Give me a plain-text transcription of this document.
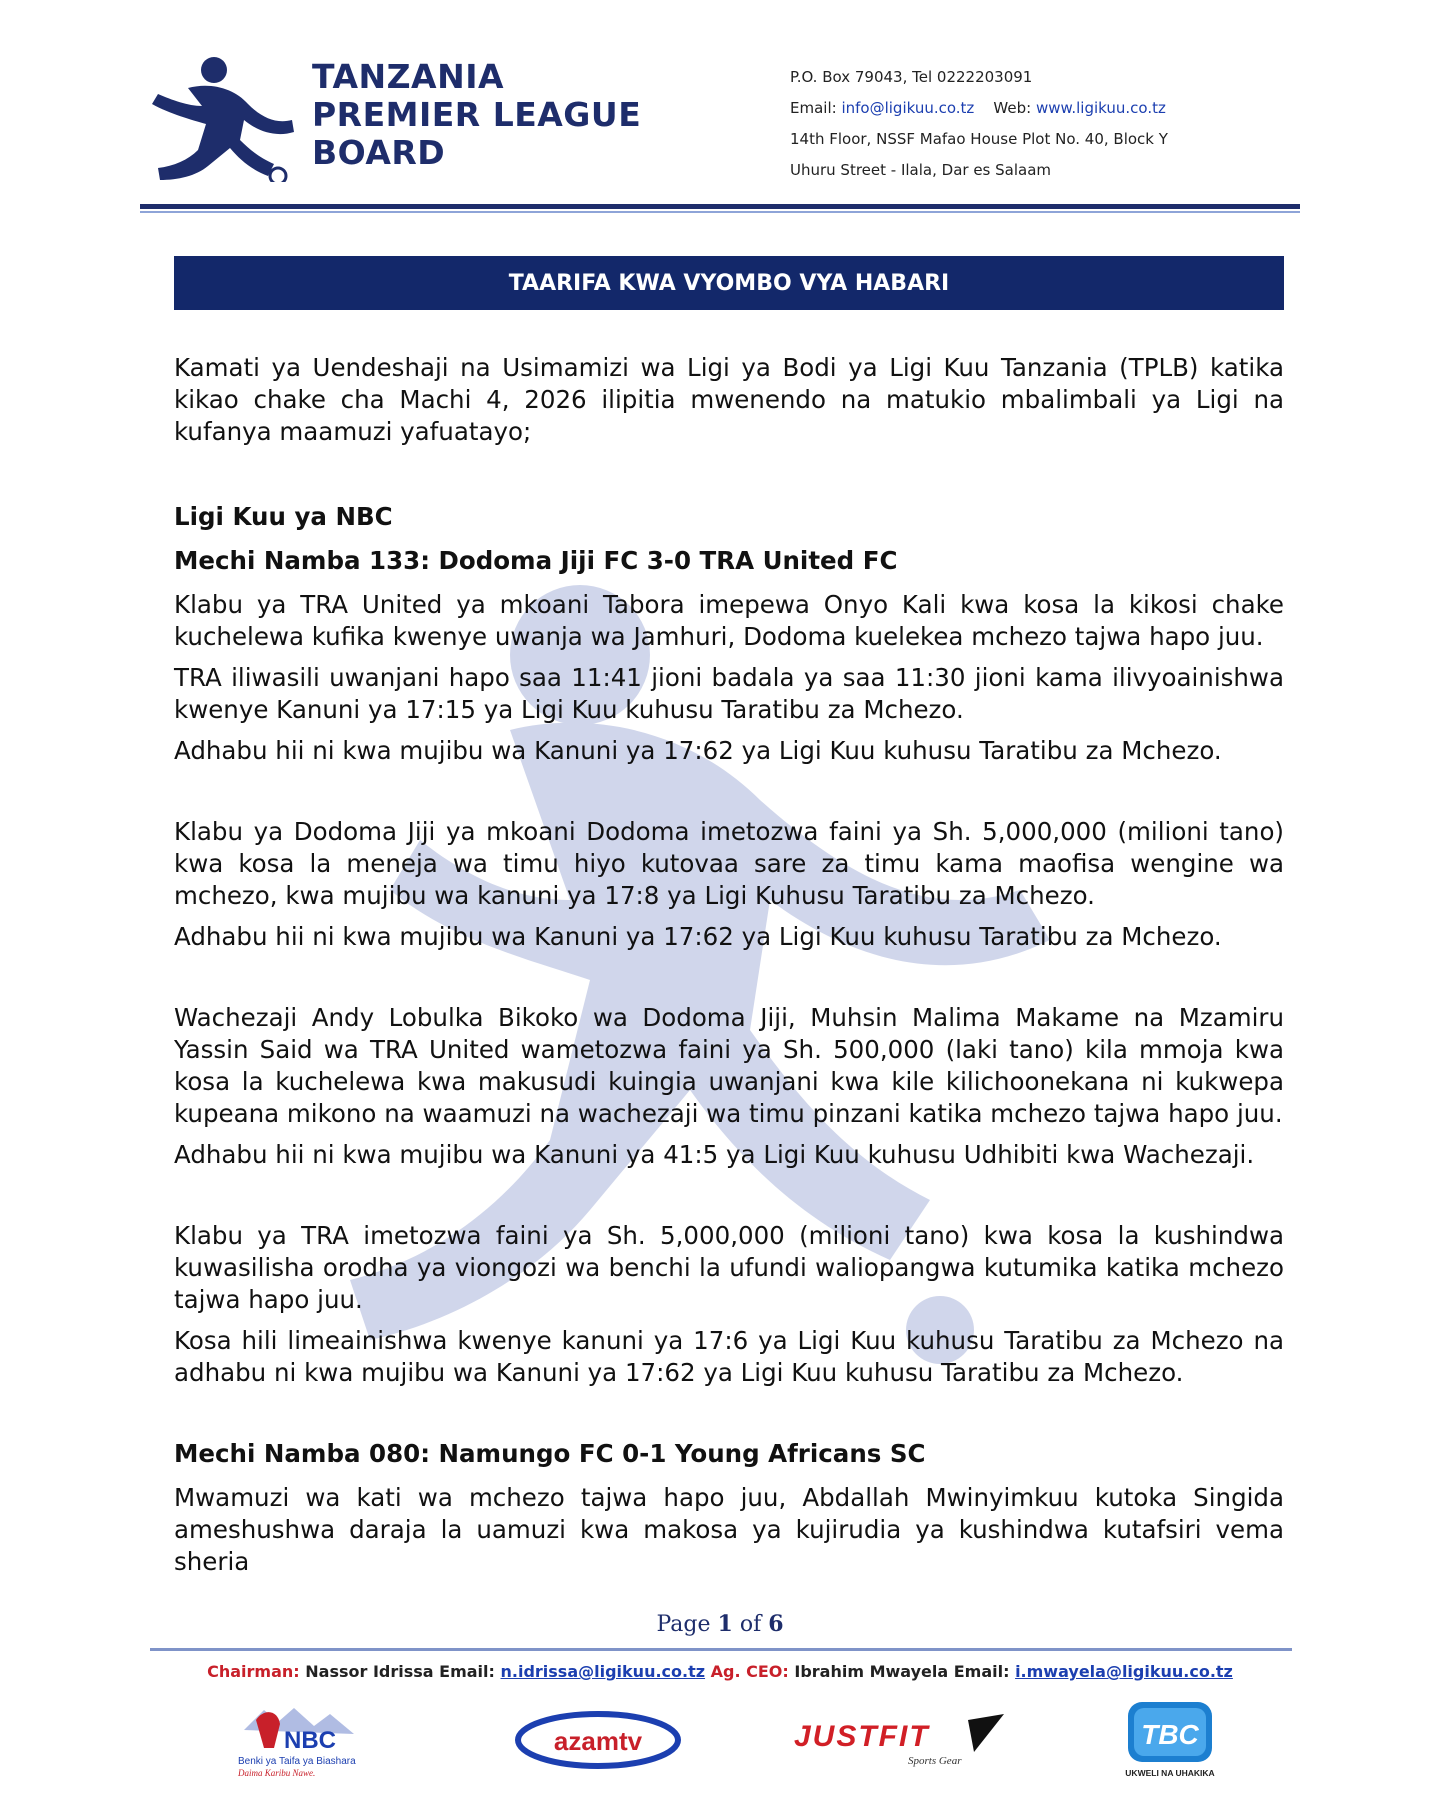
TANZANIA
PREMIER LEAGUE
BOARD
P.O. Box 79043, Tel 0222203091
Email: info@ligikuu.co.tz Web: www.ligikuu.co.tz
14th Floor, NSSF Mafao House Plot No. 40, Block Y
Uhuru Street - Ilala, Dar es Salaam
TAARIFA KWA VYOMBO VYA HABARI

Kamati ya Uendeshaji na Usimamizi wa Ligi ya Bodi ya Ligi Kuu Tanzania (TPLB) katika kikao chake cha Machi 4, 2026 ilipitia mwenendo na matukio mbalimbali ya Ligi na kufanya maamuzi yafuatayo;

Ligi Kuu ya NBC
Mechi Namba 133: Dodoma Jiji FC 3-0 TRA United FC

Klabu ya TRA United ya mkoani Tabora imepewa Onyo Kali kwa kosa la kikosi chake kuchelewa kufika kwenye uwanja wa Jamhuri, Dodoma kuelekea mchezo tajwa hapo juu.

TRA iliwasili uwanjani hapo saa 11:41 jioni badala ya saa 11:30 jioni kama ilivyoainishwa kwenye Kanuni ya 17:15 ya Ligi Kuu kuhusu Taratibu za Mchezo.

Adhabu hii ni kwa mujibu wa Kanuni ya 17:62 ya Ligi Kuu kuhusu Taratibu za Mchezo.

Klabu ya Dodoma Jiji ya mkoani Dodoma imetozwa faini ya Sh. 5,000,000 (milioni tano) kwa kosa la meneja wa timu hiyo kutovaa sare za timu kama maofisa wengine wa mchezo, kwa mujibu wa kanuni ya 17:8 ya Ligi Kuhusu Taratibu za Mchezo.

Adhabu hii ni kwa mujibu wa Kanuni ya 17:62 ya Ligi Kuu kuhusu Taratibu za Mchezo.

Wachezaji Andy Lobulka Bikoko wa Dodoma Jiji, Muhsin Malima Makame na Mzamiru Yassin Said wa TRA United wametozwa faini ya Sh. 500,000 (laki tano) kila mmoja kwa kosa la kuchelewa kwa makusudi kuingia uwanjani kwa kile kilichoonekana ni kukwepa kupeana mikono na waamuzi na wachezaji wa timu pinzani katika mchezo tajwa hapo juu.

Adhabu hii ni kwa mujibu wa Kanuni ya 41:5 ya Ligi Kuu kuhusu Udhibiti kwa Wachezaji.

Klabu ya TRA imetozwa faini ya Sh. 5,000,000 (milioni tano) kwa kosa la kushindwa kuwasilisha orodha ya viongozi wa benchi la ufundi waliopangwa kutumika katika mchezo tajwa hapo juu.

Kosa hili limeainishwa kwenye kanuni ya 17:6 ya Ligi Kuu kuhusu Taratibu za Mchezo na adhabu ni kwa mujibu wa Kanuni ya 17:62 ya Ligi Kuu kuhusu Taratibu za Mchezo.

Mechi Namba 080: Namungo FC 0-1 Young Africans SC

Mwamuzi wa kati wa mchezo tajwa hapo juu, Abdallah Mwinyimkuu kutoka Singida ameshushwa daraja la uamuzi kwa makosa ya kujirudia ya kushindwa kutafsiri vema sheria

Page 1 of 6
Chairman: Nassor Idrissa Email: n.idrissa@ligikuu.co.tz Ag. CEO: Ibrahim Mwayela Email: i.mwayela@ligikuu.co.tz
NBC
Benki ya Taifa ya Biashara
Daima Karibu Nawe.
azamtv	JUSTFIT
Sports Gear
TBC
UKWELI NA UHAKIKA
